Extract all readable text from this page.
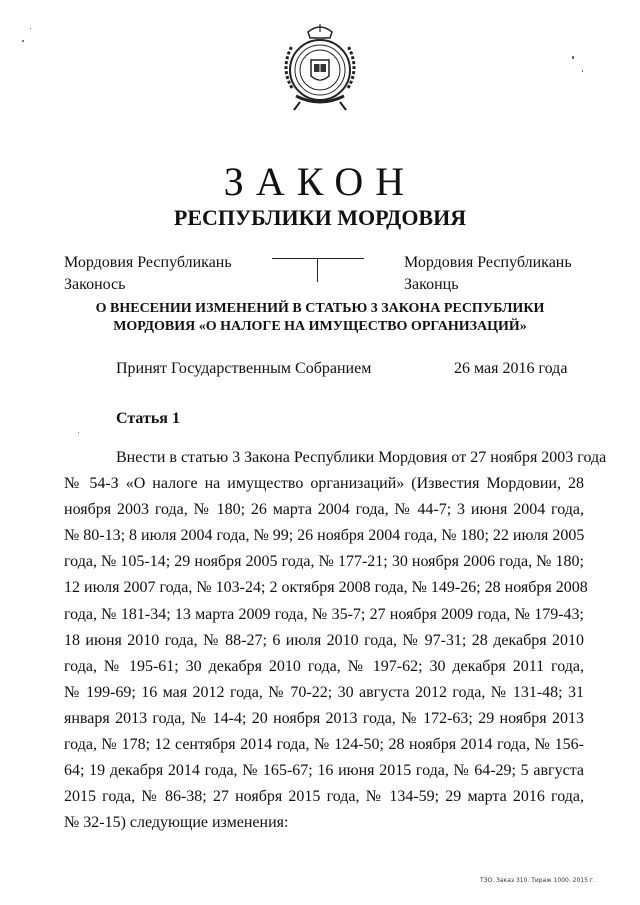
ЗАКОН
РЕСПУБЛИКИ МОРДОВИЯ
Мордовия Республикань
Законось
Мордовия Республикань
Законць
О ВНЕСЕНИИ ИЗМЕНЕНИЙ В СТАТЬЮ 3 ЗАКОНА РЕСПУБЛИКИ
МОРДОВИЯ «О НАЛОГЕ НА ИМУЩЕСТВО ОРГАНИЗАЦИЙ»
Принят Государственным Собранием	26 мая 2016 года
Статья 1
Внести в статью 3 Закона Республики Мордовия от 27 ноября 2003 года
№ 54-З «О налоге на имущество организаций» (Известия Мордовии, 28
ноября 2003 года, № 180; 26 марта 2004 года, № 44-7; 3 июня 2004 года,
№ 80-13; 8 июля 2004 года, № 99; 26 ноября 2004 года, № 180; 22 июля 2005
года, № 105-14; 29 ноября 2005 года, № 177-21; 30 ноября 2006 года, № 180;
12 июля 2007 года, № 103-24; 2 октября 2008 года, № 149-26; 28 ноября 2008
года, № 181-34; 13 марта 2009 года, № 35-7; 27 ноября 2009 года, № 179-43;
18 июня 2010 года, № 88-27; 6 июля 2010 года, № 97-31; 28 декабря 2010
года, № 195-61; 30 декабря 2010 года, № 197-62; 30 декабря 2011 года,
№ 199-69; 16 мая 2012 года, № 70-22; 30 августа 2012 года, № 131-48; 31
января 2013 года, № 14-4; 20 ноября 2013 года, № 172-63; 29 ноября 2013
года, № 178; 12 сентября 2014 года, № 124-50; 28 ноября 2014 года, № 156-
64; 19 декабря 2014 года, № 165-67; 16 июня 2015 года, № 64-29; 5 августа
2015 года, № 86-38; 27 ноября 2015 года, № 134-59; 29 марта 2016 года,
№ 32-15) следующие изменения:
ТЗО. Заказ 310. Тираж 1000. 2015 г.
